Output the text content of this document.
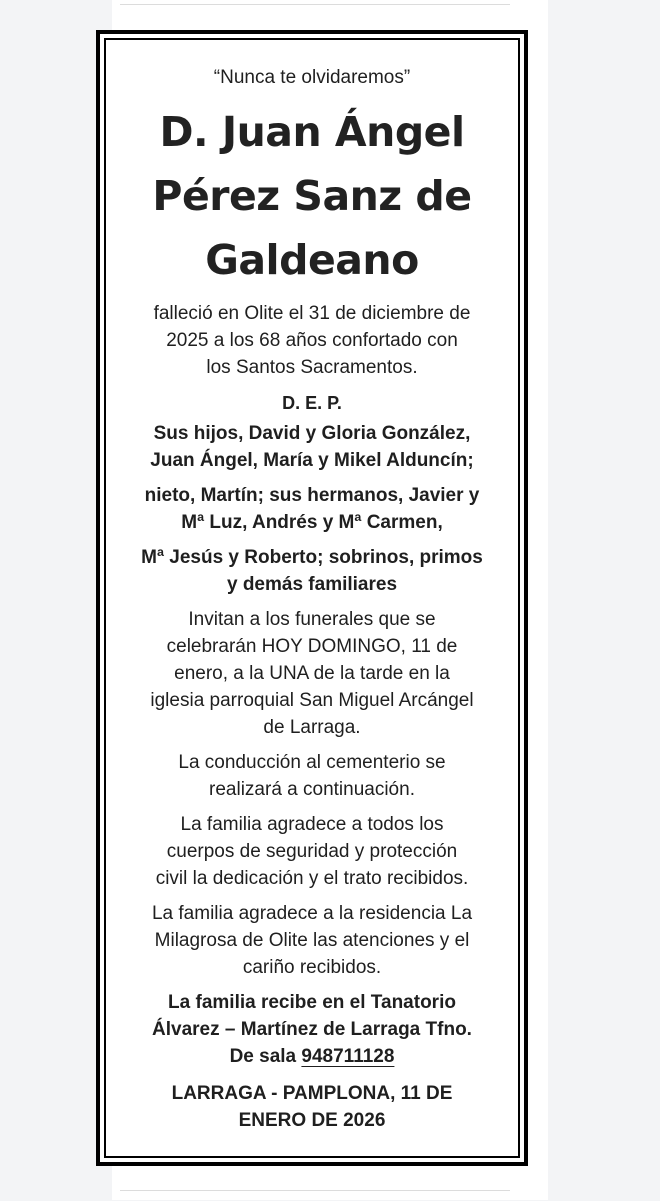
“Nunca te olvidaremos”

D. Juan Ángel
Pérez Sanz de
Galdeano
falleció en Olite el 31 de diciembre de
2025 a los 68 años confortado con
los Santos Sacramentos.
D. E. P.
Sus hijos, David y Gloria González,
Juan Ángel, María y Mikel Alduncín;
nieto, Martín; sus hermanos, Javier y
Mª Luz, Andrés y Mª Carmen,
Mª Jesús y Roberto; sobrinos, primos
y demás familiares
Invitan a los funerales que se
celebrarán HOY DOMINGO, 11 de
enero, a la UNA de la tarde en la
iglesia parroquial San Miguel Arcángel
de Larraga.
La conducción al cementerio se
realizará a continuación.
La familia agradece a todos los
cuerpos de seguridad y protección
civil la dedicación y el trato recibidos.
La familia agradece a la residencia La
Milagrosa de Olite las atenciones y el
cariño recibidos.
La familia recibe en el Tanatorio
Álvarez – Martínez de Larraga Tfno.
De sala 948711128
LARRAGA - PAMPLONA, 11 DE
ENERO DE 2026
